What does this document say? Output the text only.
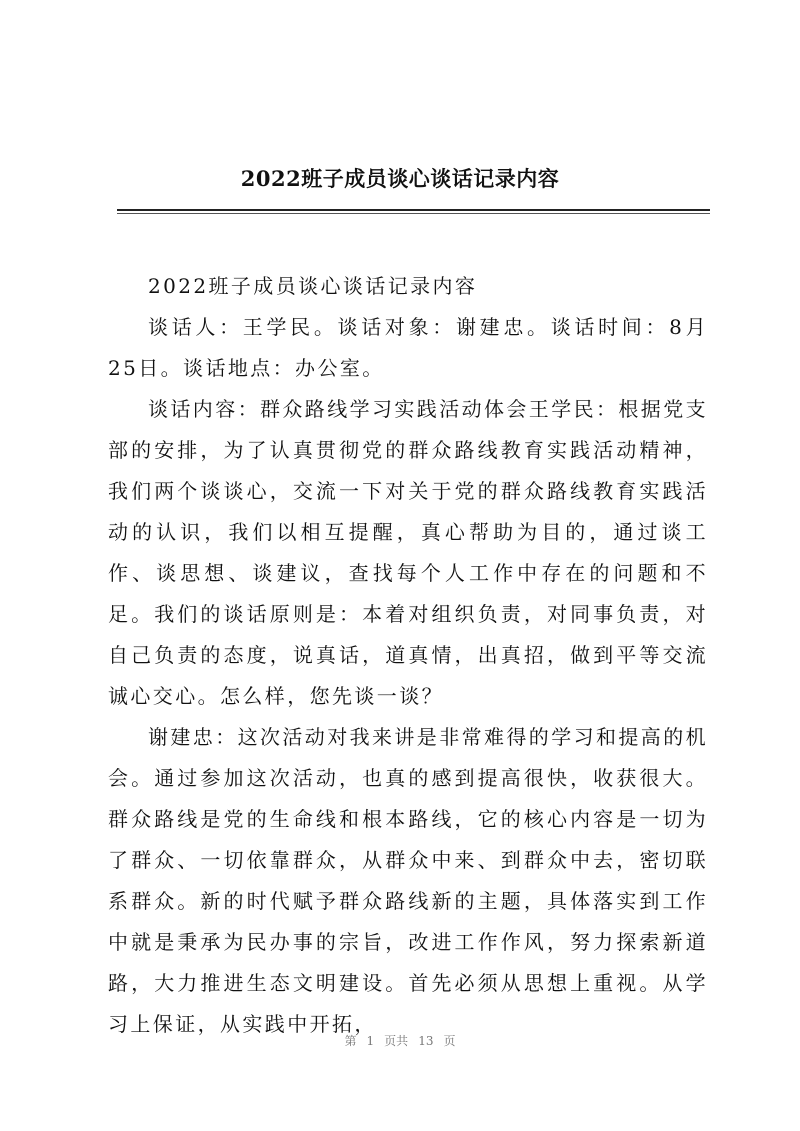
2022班子成员谈心谈话记录内容

2022班子成员谈心谈话记录内容

谈话人：王学民。谈话对象：谢建忠。谈话时间：8月25日。谈话地点：办公室。

谈话内容：群众路线学习实践活动体会王学民：根据党支部的安排，为了认真贯彻党的群众路线教育实践活动精神，我们两个谈谈心，交流一下对关于党的群众路线教育实践活动的认识，我们以相互提醒，真心帮助为目的，通过谈工作、谈思想、谈建议，查找每个人工作中存在的问题和不足。我们的谈话原则是：本着对组织负责，对同事负责，对自己负责的态度，说真话，道真情，出真招，做到平等交流诚心交心。怎么样，您先谈一谈？

谢建忠：这次活动对我来讲是非常难得的学习和提高的机会。通过参加这次活动，也真的感到提高很快，收获很大。群众路线是党的生命线和根本路线，它的核心内容是一切为了群众、一切依靠群众，从群众中来、到群众中去，密切联系群众。新的时代赋予群众路线新的主题，具体落实到工作中就是秉承为民办事的宗旨，改进工作作风，努力探索新道路，大力推进生态文明建设。首先必须从思想上重视。从学习上保证，从实践中开拓，

第 1 页共 13 页
